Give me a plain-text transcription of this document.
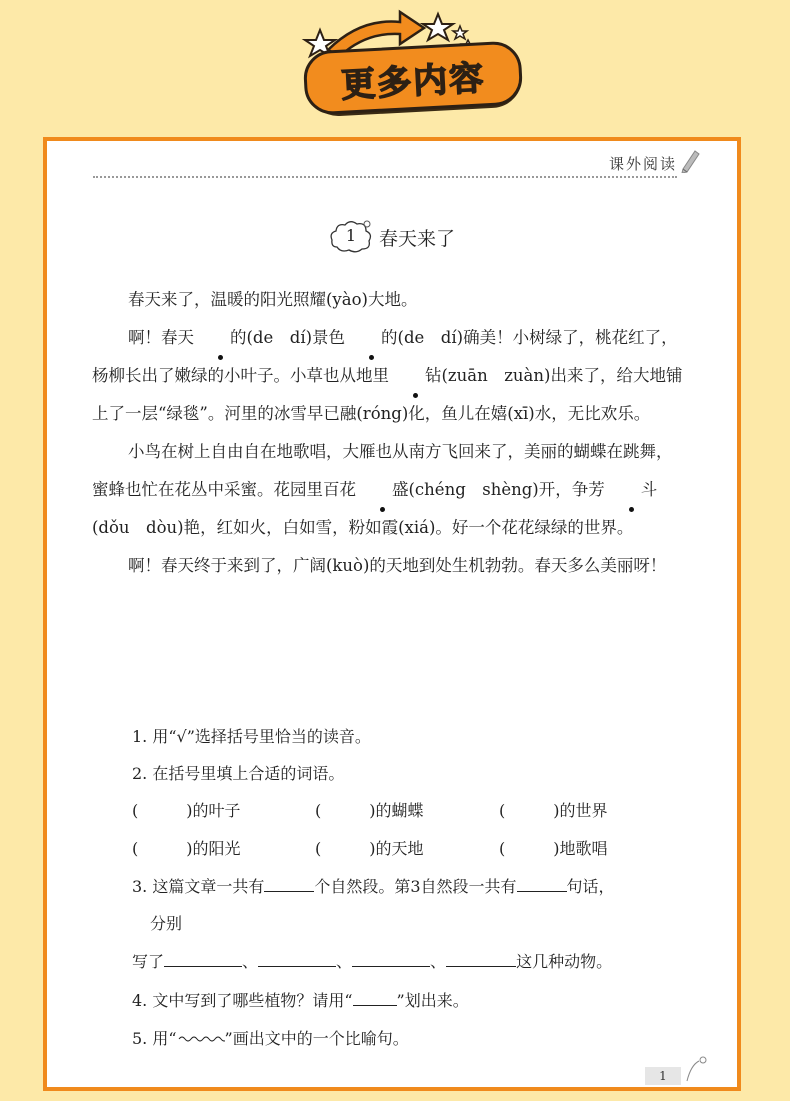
更多内容
课外阅读
1	春天来了

春天来了，温暖的阳光照耀(yào)大地。

啊！春天 的(de　dí)景色 的(de　dí)确美！小树绿了，桃花红了，杨柳长出了嫩绿的小叶子。小草也从地里 钻(zuān　zuàn)出来了，给大地铺上了一层“绿毯”。河里的冰雪早已融(róng)化，鱼儿在嬉(xī)水，无比欢乐。

小鸟在树上自由自在地歌唱，大雁也从南方飞回来了，美丽的蝴蝶在跳舞，蜜蜂也忙在花丛中采蜜。花园里百花 盛(chéng　shèng)开，争芳 斗(dǒu　dòu)艳，红如火，白如雪，粉如霞(xiá)。好一个花花绿绿的世界。

啊！春天终于来到了，广阔(kuò)的天地到处生机勃勃。春天多么美丽呀！

1. 用“√”选择括号里恰当的读音。
2. 在括号里填上合适的词语。
(　　　)的叶子	(　　　)的蝴蝶	(　　　)的世界
(　　　)的阳光	(　　　)的天地	(　　　)地歌唱
3. 这篇文章一共有	个自然段。第3自然段一共有	句话，
分别
写了	、	、	、	这几种动物。
4. 文中写到了哪些植物？请用“	”划出来。
5. 用“	”画出文中的一个比喻句。
1
